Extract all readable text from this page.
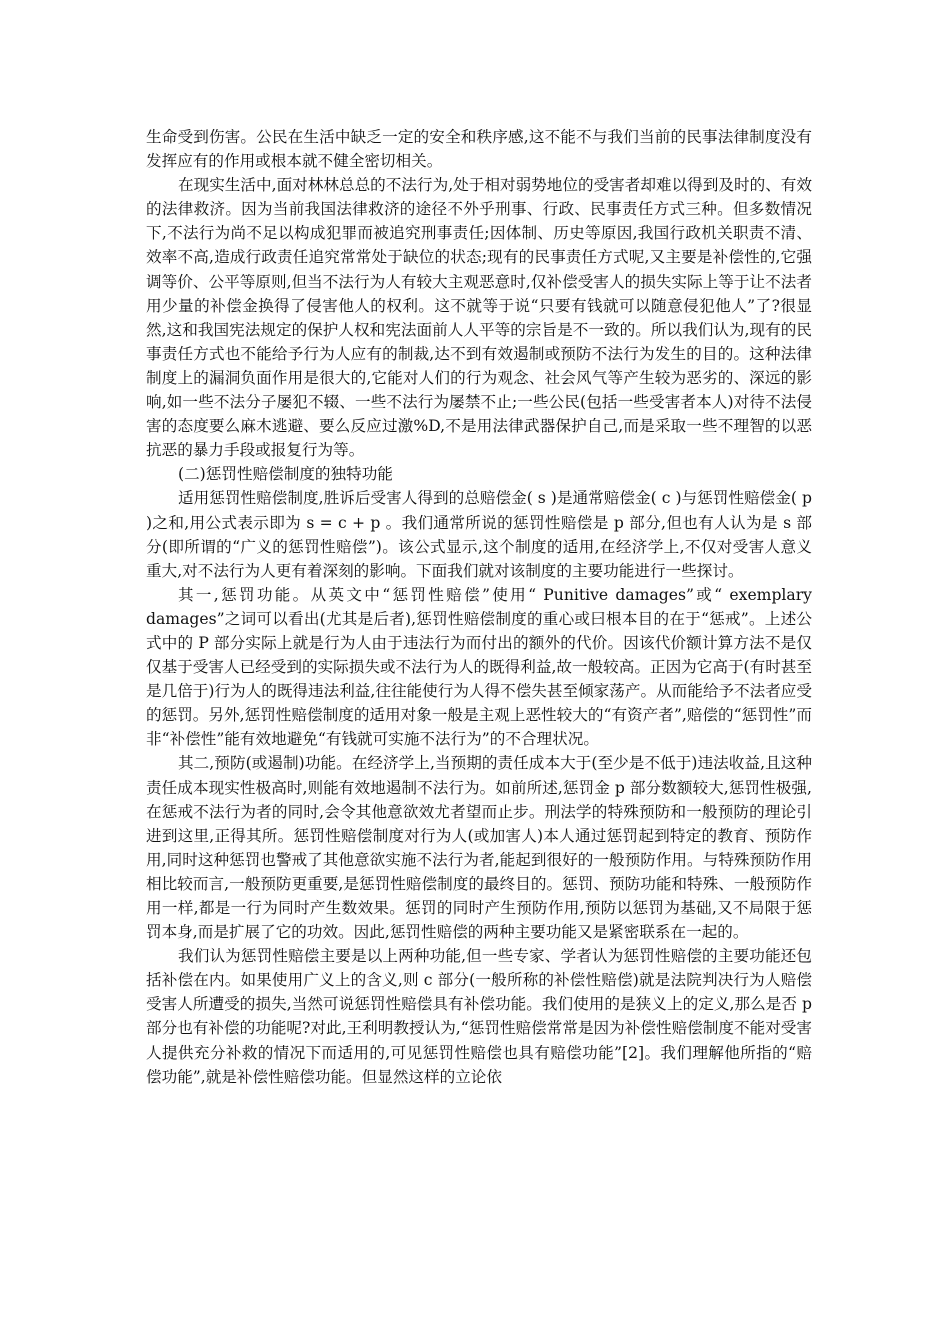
生命受到伤害。公民在生活中缺乏一定的安全和秩序感,这不能不与我们当前的民事法律制度没有发挥应有的作用或根本就不健全密切相关。

在现实生活中,面对林林总总的不法行为,处于相对弱势地位的受害者却难以得到及时的、有效的法律救济。因为当前我国法律救济的途径不外乎刑事、行政、民事责任方式三种。但多数情况下,不法行为尚不足以构成犯罪而被追究刑事责任;因体制、历史等原因,我国行政机关职责不清、效率不高,造成行政责任追究常常处于缺位的状态;现有的民事责任方式呢,又主要是补偿性的,它强调等价、公平等原则,但当不法行为人有较大主观恶意时,仅补偿受害人的损失实际上等于让不法者用少量的补偿金换得了侵害他人的权利。这不就等于说“只要有钱就可以随意侵犯他人”了?很显然,这和我国宪法规定的保护人权和宪法面前人人平等的宗旨是不一致的。所以我们认为,现有的民事责任方式也不能给予行为人应有的制裁,达不到有效遏制或预防不法行为发生的目的。这种法律制度上的漏洞负面作用是很大的,它能对人们的行为观念、社会风气等产生较为恶劣的、深远的影响,如一些不法分子屡犯不辍、一些不法行为屡禁不止;一些公民(包括一些受害者本人)对待不法侵害的态度要么麻木逃避、要么反应过激%D,不是用法律武器保护自己,而是采取一些不理智的以恶抗恶的暴力手段或报复行为等。

(二)惩罚性赔偿制度的独特功能

适用惩罚性赔偿制度,胜诉后受害人得到的总赔偿金( s )是通常赔偿金( c )与惩罚性赔偿金( p )之和,用公式表示即为 s = c + p 。我们通常所说的惩罚性赔偿是 p 部分,但也有人认为是 s 部分(即所谓的“广义的惩罚性赔偿”)。该公式显示,这个制度的适用,在经济学上,不仅对受害人意义重大,对不法行为人更有着深刻的影响。下面我们就对该制度的主要功能进行一些探讨。

其一,惩罚功能。从英文中“惩罚性赔偿”使用“ Punitive damages”或“ exemplary damages”之词可以看出(尤其是后者),惩罚性赔偿制度的重心或曰根本目的在于“惩戒”。上述公式中的 P 部分实际上就是行为人由于违法行为而付出的额外的代价。因该代价额计算方法不是仅仅基于受害人已经受到的实际损失或不法行为人的既得利益,故一般较高。正因为它高于(有时甚至是几倍于)行为人的既得违法利益,往往能使行为人得不偿失甚至倾家荡产。从而能给予不法者应受的惩罚。另外,惩罚性赔偿制度的适用对象一般是主观上恶性较大的“有资产者”,赔偿的“惩罚性”而非“补偿性”能有效地避免“有钱就可实施不法行为”的不合理状况。

其二,预防(或遏制)功能。在经济学上,当预期的责任成本大于(至少是不低于)违法收益,且这种责任成本现实性极高时,则能有效地遏制不法行为。如前所述,惩罚金 p 部分数额较大,惩罚性极强,在惩戒不法行为者的同时,会令其他意欲效尤者望而止步。刑法学的特殊预防和一般预防的理论引进到这里,正得其所。惩罚性赔偿制度对行为人(或加害人)本人通过惩罚起到特定的教育、预防作用,同时这种惩罚也警戒了其他意欲实施不法行为者,能起到很好的一般预防作用。与特殊预防作用相比较而言,一般预防更重要,是惩罚性赔偿制度的最终目的。惩罚、预防功能和特殊、一般预防作用一样,都是一行为同时产生数效果。惩罚的同时产生预防作用,预防以惩罚为基础,又不局限于惩罚本身,而是扩展了它的功效。因此,惩罚性赔偿的两种主要功能又是紧密联系在一起的。

我们认为惩罚性赔偿主要是以上两种功能,但一些专家、学者认为惩罚性赔偿的主要功能还包括补偿在内。如果使用广义上的含义,则 c 部分(一般所称的补偿性赔偿)就是法院判决行为人赔偿受害人所遭受的损失,当然可说惩罚性赔偿具有补偿功能。我们使用的是狭义上的定义,那么是否 p 部分也有补偿的功能呢?对此,王利明教授认为,“惩罚性赔偿常常是因为补偿性赔偿制度不能对受害人提供充分补救的情况下而适用的,可见惩罚性赔偿也具有赔偿功能”[2]。我们理解他所指的“赔偿功能”,就是补偿性赔偿功能。但显然这样的立论依
